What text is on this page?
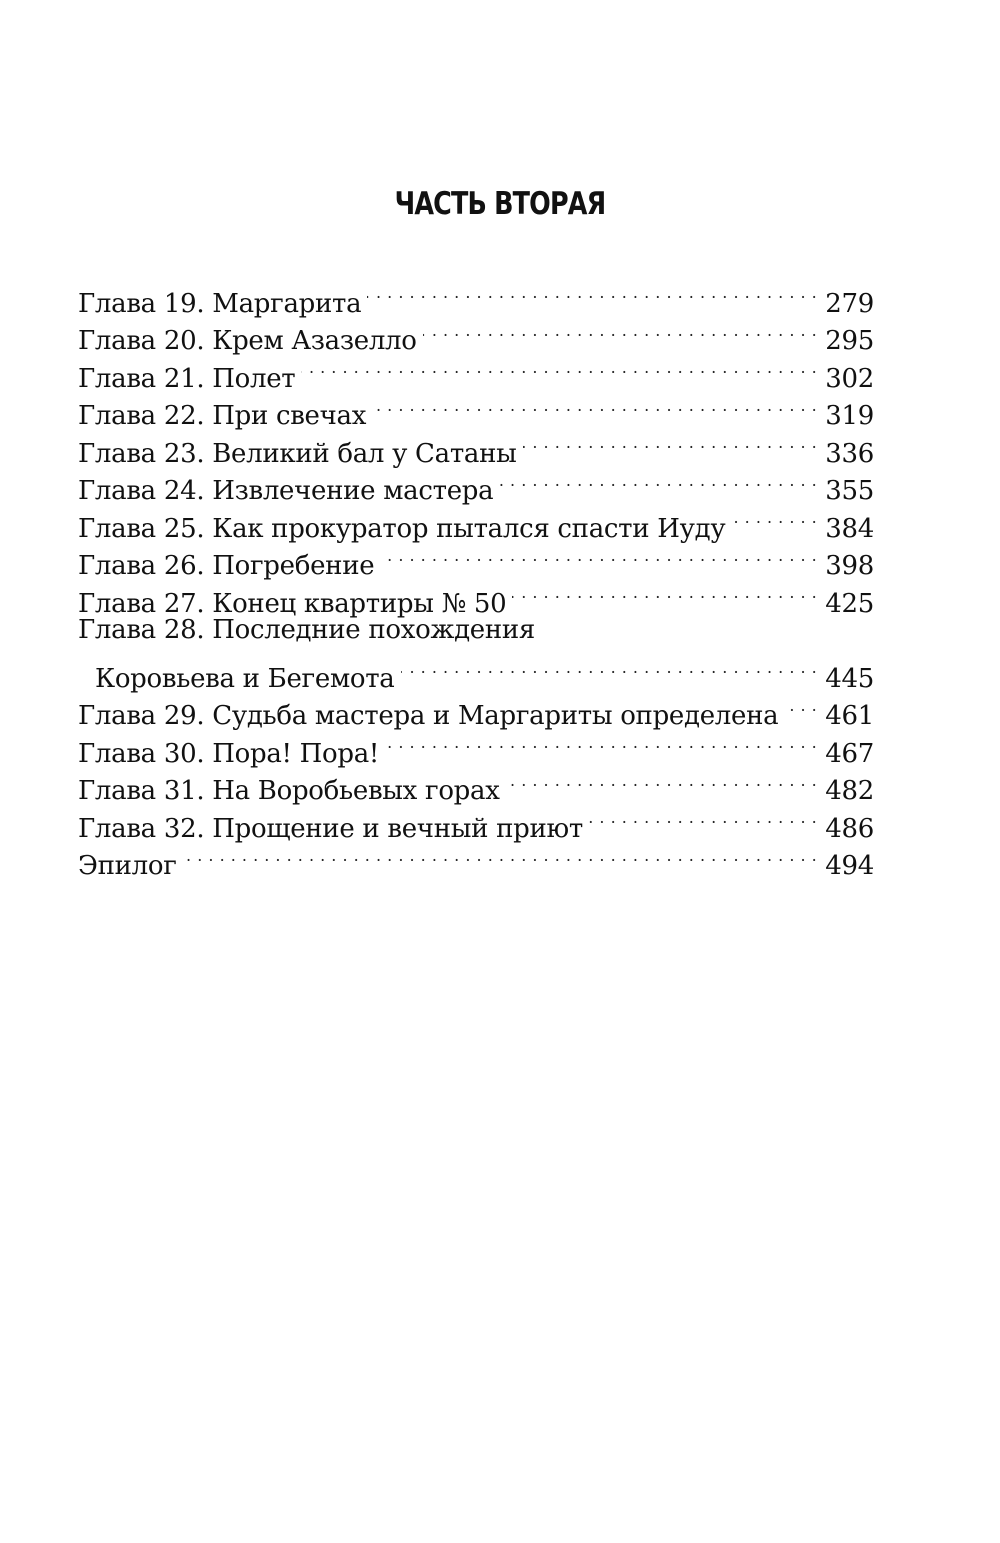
ЧАСТЬ ВТОРАЯ
Глава 19. Маргарита . . .	279
Глава 20. Крем Азазелло . . .	295
Глава 21. Полет . . .	302
Глава 22. При свечах . . .	319
Глава 23. Великий бал у Сатаны . . .	336
Глава 24. Извлечение мастера . . .	355
Глава 25. Как прокуратор пытался спасти Иуду . . .	384
Глава 26. Погребение . . .	398
Глава 27. Конец квартиры № 50 . . .	425
Глава 28. Последние похождения
Коровьева и Бегемота . . .	445
Глава 29. Судьба мастера и Маргариты определена . . .	461
Глава 30. Пора! Пора! . . .	467
Глава 31. На Воробьевых горах . . .	482
Глава 32. Прощение и вечный приют . . .	486
Эпилог . . .	494
